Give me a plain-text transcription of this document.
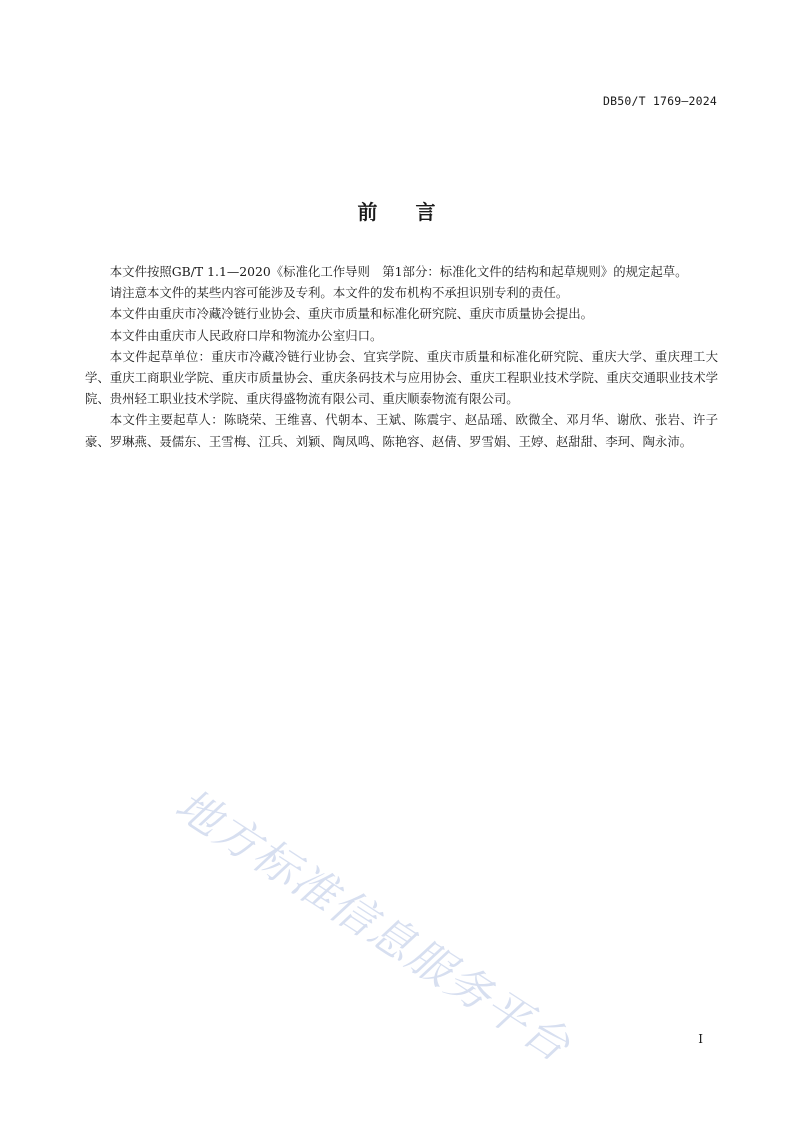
DB50/T 1769—2024
前言

本文件按照GB/T 1.1—2020《标准化工作导则　第1部分：标准化文件的结构和起草规则》的规定起草。

请注意本文件的某些内容可能涉及专利。本文件的发布机构不承担识别专利的责任。

本文件由重庆市冷藏冷链行业协会、重庆市质量和标准化研究院、重庆市质量协会提出。

本文件由重庆市人民政府口岸和物流办公室归口。

本文件起草单位：重庆市冷藏冷链行业协会、宜宾学院、重庆市质量和标准化研究院、重庆大学、重庆理工大学、重庆工商职业学院、重庆市质量协会、重庆条码技术与应用协会、重庆工程职业技术学院、重庆交通职业技术学院、贵州轻工职业技术学院、重庆得盛物流有限公司、重庆顺泰物流有限公司。

本文件主要起草人：陈晓荣、王维喜、代朝本、王斌、陈震宇、赵品瑶、欧微全、邓月华、谢欣、张岩、许子豪、罗琳燕、聂儒东、王雪梅、江兵、刘颖、陶凤鸣、陈艳容、赵倩、罗雪娟、王婷、赵甜甜、李珂、陶永沛。

地方标准信息服务平台	I
